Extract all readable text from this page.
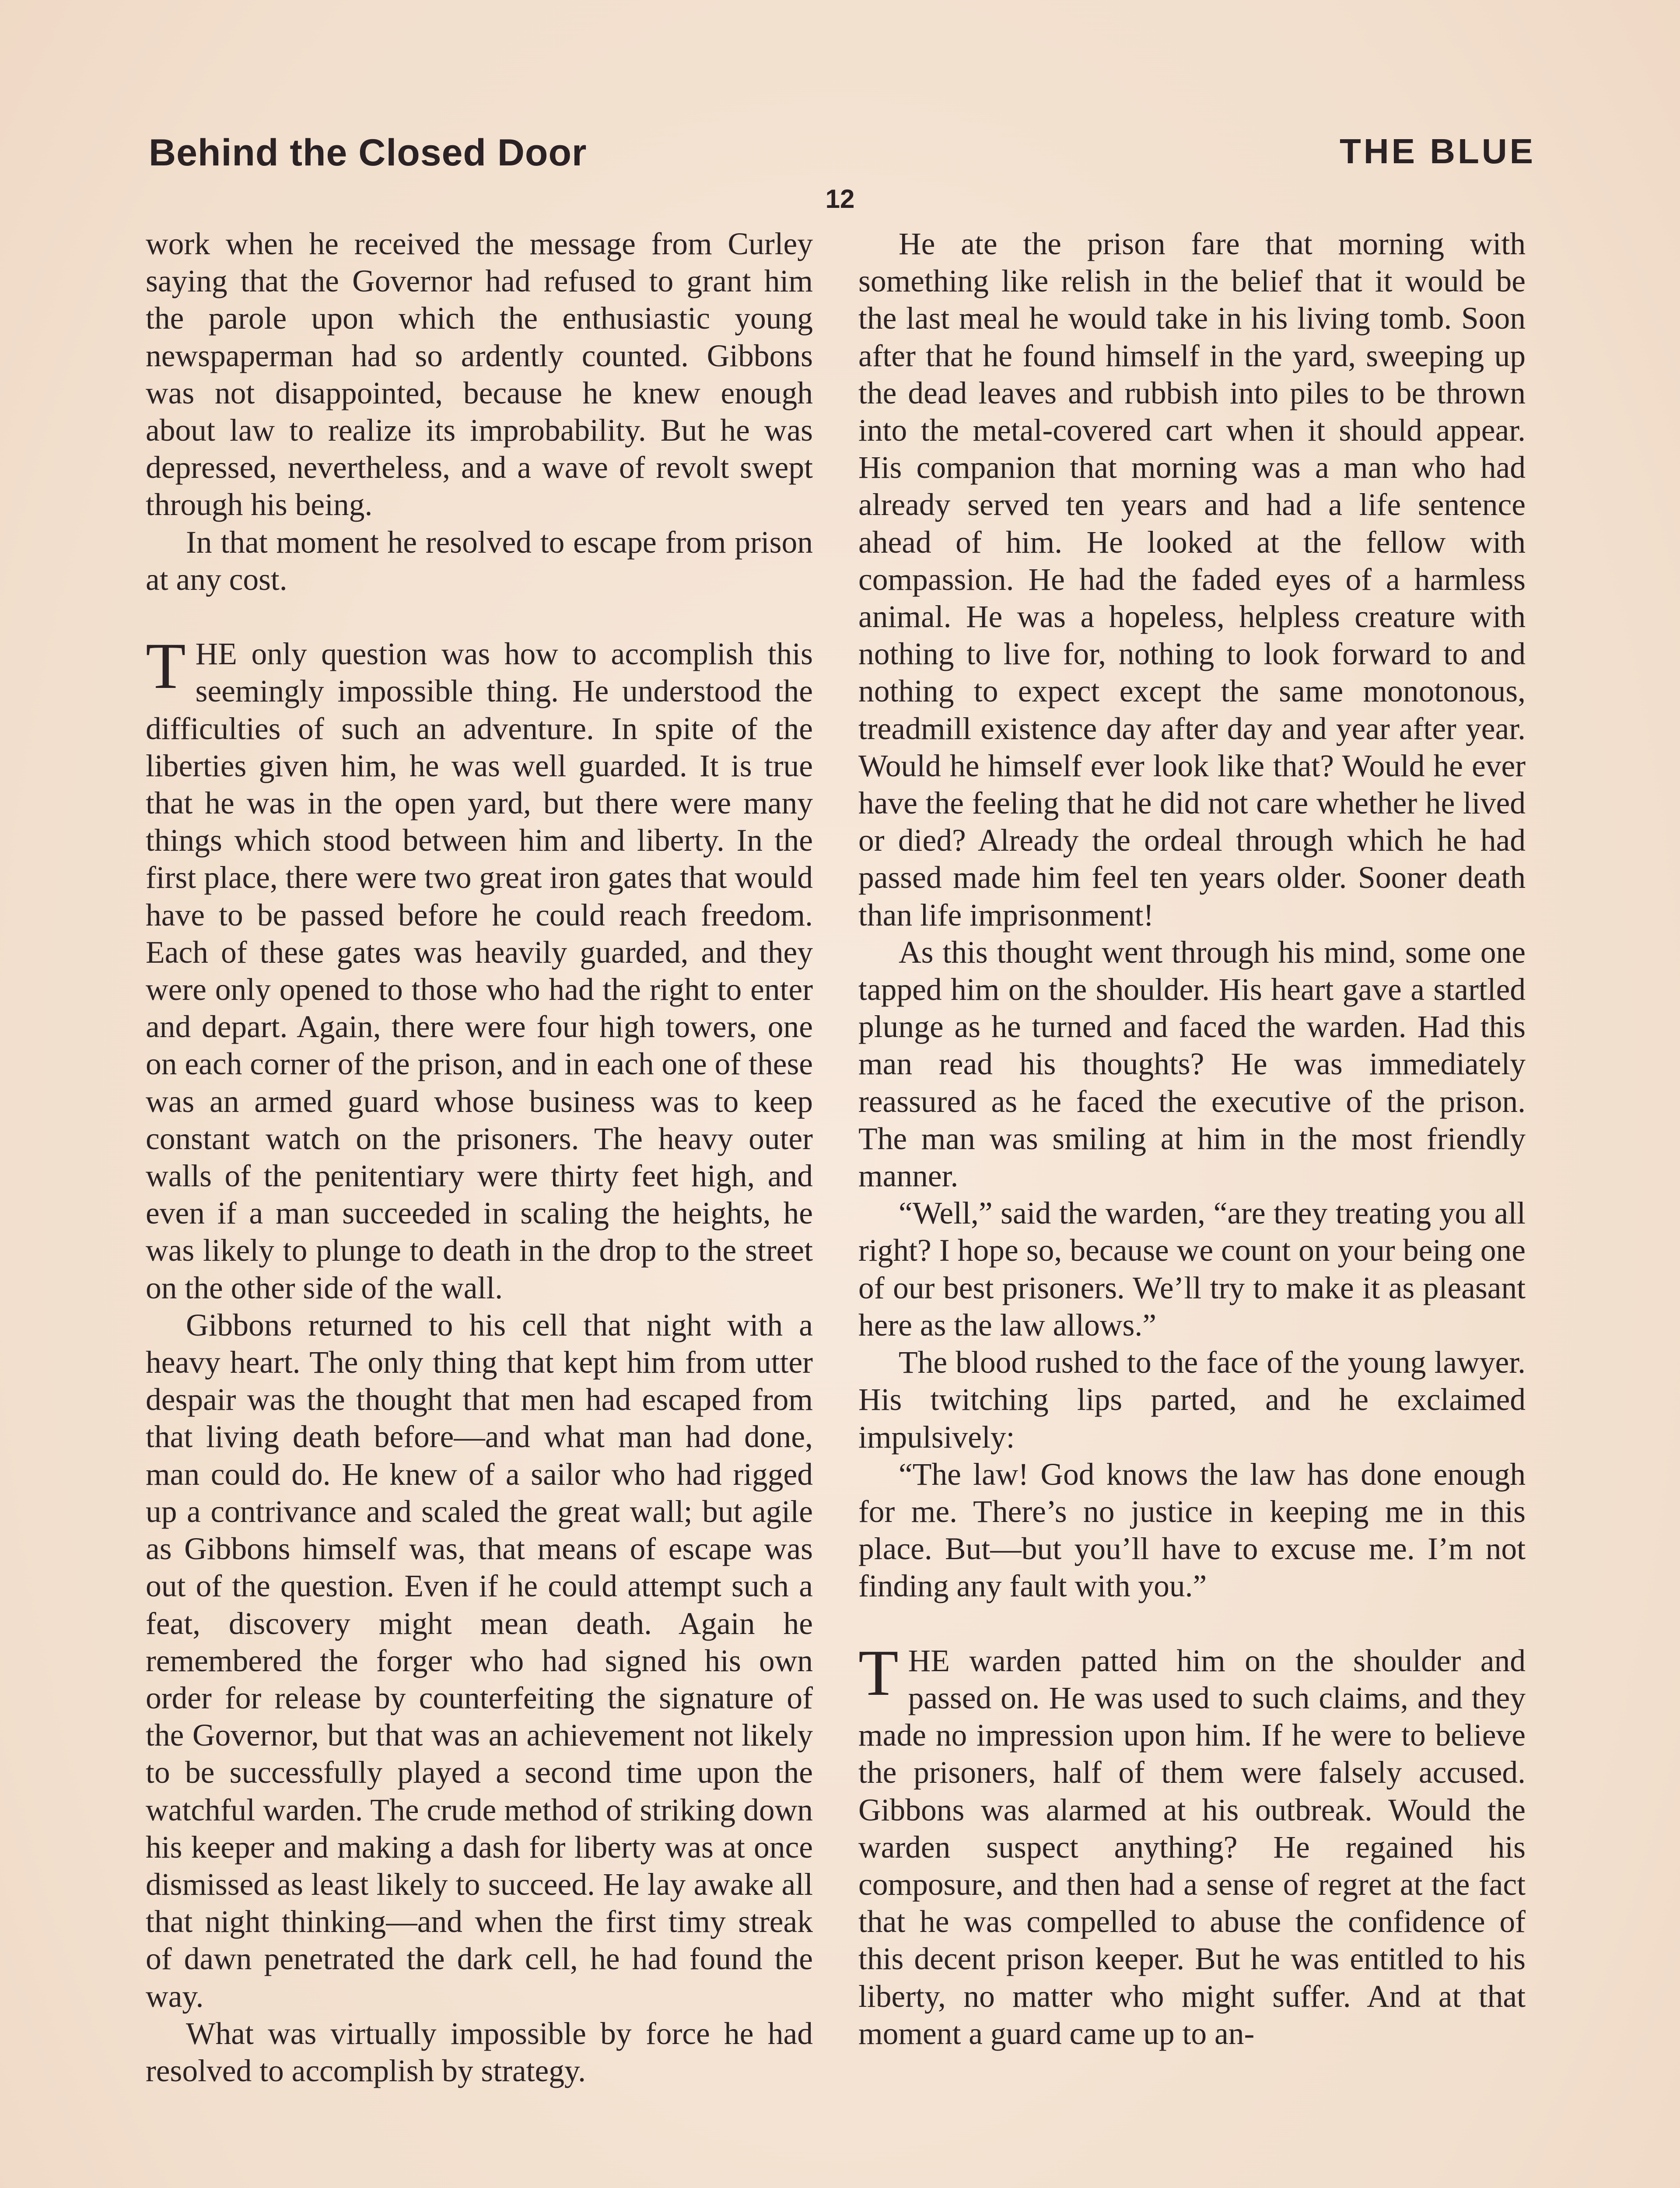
Behind the Closed Door	THE BLUE
12

work when he received the message from Curley saying that the Governor had refused to grant him the parole upon which the enthusiastic young newspaperman had so ardently counted. Gibbons was not disappointed, because he knew enough about law to realize its improbability. But he was depressed, nevertheless, and a wave of revolt swept through his being.

In that moment he resolved to escape from prison at any cost.

THE only question was how to accomplish this seemingly impossible thing. He understood the difficulties of such an adventure. In spite of the liberties given him, he was well guarded. It is true that he was in the open yard, but there were many things which stood between him and liberty. In the first place, there were two great iron gates that would have to be passed before he could reach freedom. Each of these gates was heavily guarded, and they were only opened to those who had the right to enter and depart. Again, there were four high towers, one on each corner of the prison, and in each one of these was an armed guard whose business was to keep constant watch on the prisoners. The heavy outer walls of the penitentiary were thirty feet high, and even if a man succeeded in scaling the heights, he was likely to plunge to death in the drop to the street on the other side of the wall.

Gibbons returned to his cell that night with a heavy heart. The only thing that kept him from utter despair was the thought that men had escaped from that living death before—and what man had done, man could do. He knew of a sailor who had rigged up a contrivance and scaled the great wall; but agile as Gibbons himself was, that means of escape was out of the question. Even if he could attempt such a feat, discovery might mean death. Again he remembered the forger who had signed his own order for release by counterfeiting the signature of the Governor, but that was an achievement not likely to be successfully played a second time upon the watchful warden. The crude method of striking down his keeper and making a dash for liberty was at once dismissed as least likely to succeed. He lay awake all that night thinking—and when the first timy streak of dawn penetrated the dark cell, he had found the way.

What was virtually impossible by force he had resolved to accomplish by strategy.

He ate the prison fare that morning with something like relish in the belief that it would be the last meal he would take in his living tomb. Soon after that he found himself in the yard, sweeping up the dead leaves and rubbish into piles to be thrown into the metal-covered cart when it should appear. His companion that morning was a man who had already served ten years and had a life sentence ahead of him. He looked at the fellow with compassion. He had the faded eyes of a harmless animal. He was a hopeless, helpless creature with nothing to live for, nothing to look forward to and nothing to expect except the same monotonous, treadmill existence day after day and year after year. Would he himself ever look like that? Would he ever have the feeling that he did not care whether he lived or died? Already the ordeal through which he had passed made him feel ten years older. Sooner death than life imprisonment!

As this thought went through his mind, some one tapped him on the shoulder. His heart gave a startled plunge as he turned and faced the warden. Had this man read his thoughts? He was immediately reassured as he faced the executive of the prison. The man was smiling at him in the most friendly manner.

“Well,” said the warden, “are they treating you all right? I hope so, because we count on your being one of our best prisoners. We’ll try to make it as pleasant here as the law allows.”

The blood rushed to the face of the young lawyer. His twitching lips parted, and he exclaimed impulsively:

“The law! God knows the law has done enough for me. There’s no justice in keeping me in this place. But—but you’ll have to excuse me. I’m not finding any fault with you.”

THE warden patted him on the shoulder and passed on. He was used to such claims, and they made no impression upon him. If he were to believe the prisoners, half of them were falsely accused. Gibbons was alarmed at his outbreak. Would the warden suspect anything? He regained his composure, and then had a sense of regret at the fact that he was compelled to abuse the confidence of this decent prison keeper. But he was entitled to his liberty, no matter who might suffer. And at that moment a guard came up to an-
